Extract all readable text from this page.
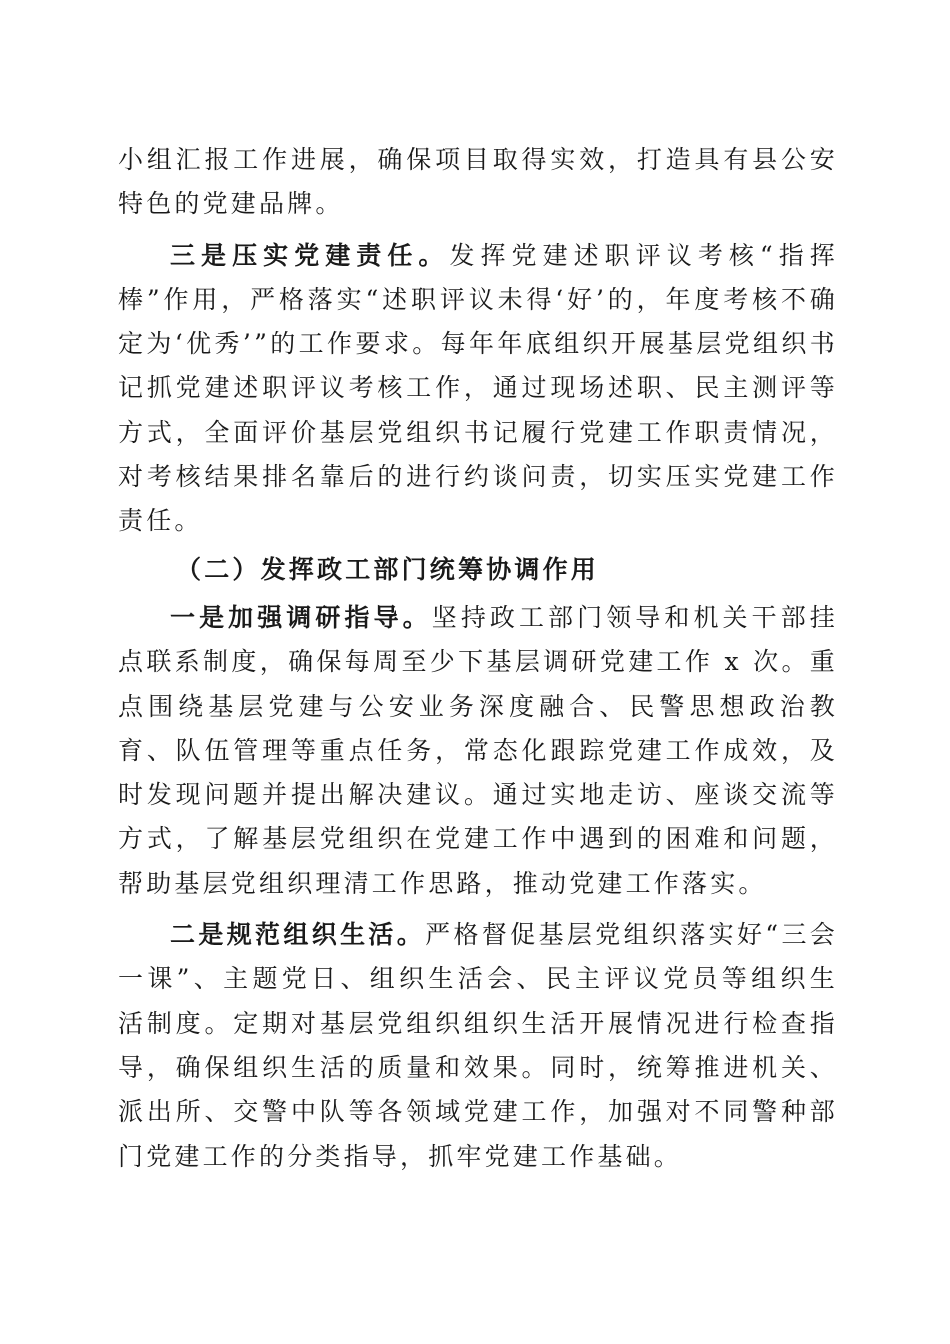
小组汇报工作进展，确保项目取得实效，打造具有县公安特色的党建品牌。

三是压实党建责任。发挥党建述职评议考核“指挥棒”作用，严格落实“述职评议未得‘好’的，年度考核不确定为‘优秀’”的工作要求。每年年底组织开展基层党组织书记抓党建述职评议考核工作，通过现场述职、民主测评等方式，全面评价基层党组织书记履行党建工作职责情况，对考核结果排名靠后的进行约谈问责，切实压实党建工作责任。

（二）发挥政工部门统筹协调作用

一是加强调研指导。坚持政工部门领导和机关干部挂点联系制度，确保每周至少下基层调研党建工作 x 次。重点围绕基层党建与公安业务深度融合、民警思想政治教育、队伍管理等重点任务，常态化跟踪党建工作成效，及时发现问题并提出解决建议。通过实地走访、座谈交流等方式，了解基层党组织在党建工作中遇到的困难和问题，帮助基层党组织理清工作思路，推动党建工作落实。

二是规范组织生活。严格督促基层党组织落实好“三会一课”、主题党日、组织生活会、民主评议党员等组织生活制度。定期对基层党组织组织生活开展情况进行检查指导，确保组织生活的质量和效果。同时，统筹推进机关、派出所、交警中队等各领域党建工作，加强对不同警种部门党建工作的分类指导，抓牢党建工作基础。
